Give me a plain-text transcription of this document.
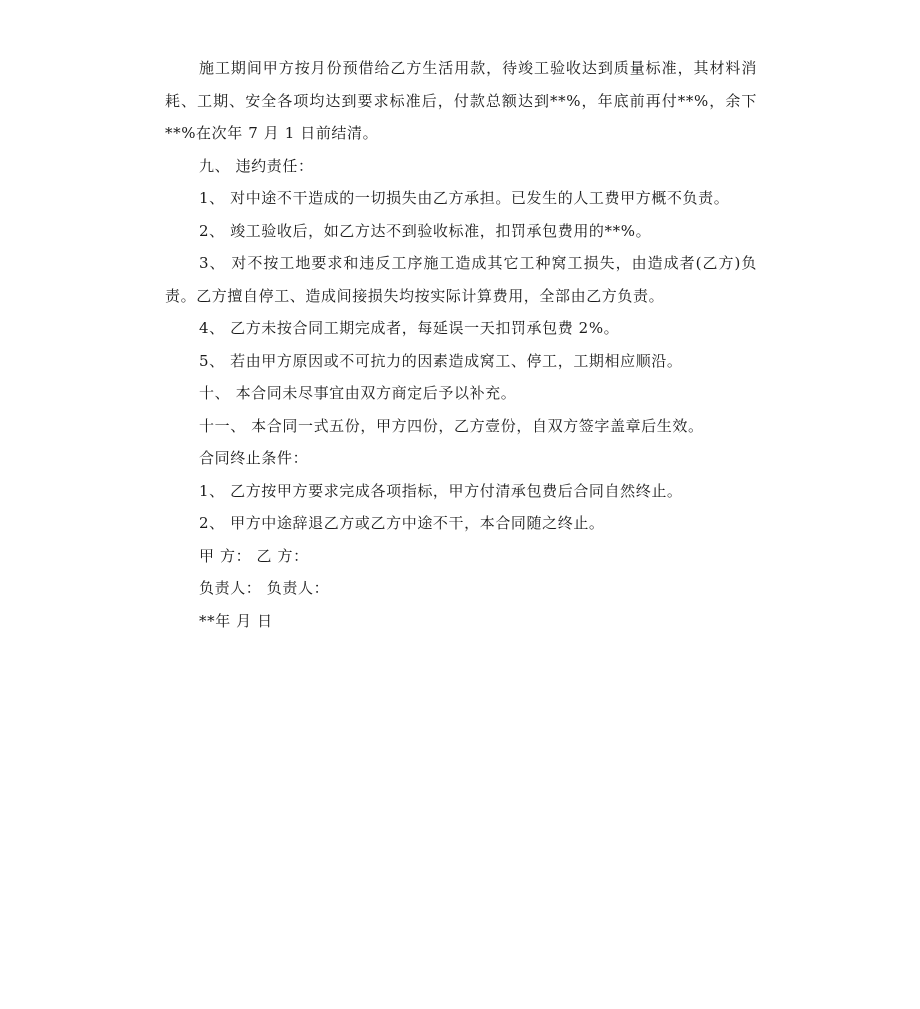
施工期间甲方按月份预借给乙方生活用款，待竣工验收达到质量标准，其材料消耗、工期、安全各项均达到要求标准后，付款总额达到**%，年底前再付**%，余下**%在次年 7 月 1 日前结清。

九、 违约责任：

1、 对中途不干造成的一切损失由乙方承担。已发生的人工费甲方概不负责。

2、 竣工验收后，如乙方达不到验收标准，扣罚承包费用的**%。

3、 对不按工地要求和违反工序施工造成其它工种窝工损失，由造成者(乙方)负责。乙方擅自停工、造成间接损失均按实际计算费用，全部由乙方负责。

4、 乙方未按合同工期完成者，每延误一天扣罚承包费 2%。

5、 若由甲方原因或不可抗力的因素造成窝工、停工，工期相应顺沿。

十、 本合同未尽事宜由双方商定后予以补充。

十一、 本合同一式五份，甲方四份，乙方壹份，自双方签字盖章后生效。

合同终止条件：

1、 乙方按甲方要求完成各项指标，甲方付清承包费后合同自然终止。

2、 甲方中途辞退乙方或乙方中途不干，本合同随之终止。

甲 方： 乙 方：

负责人： 负责人：

**年 月 日
